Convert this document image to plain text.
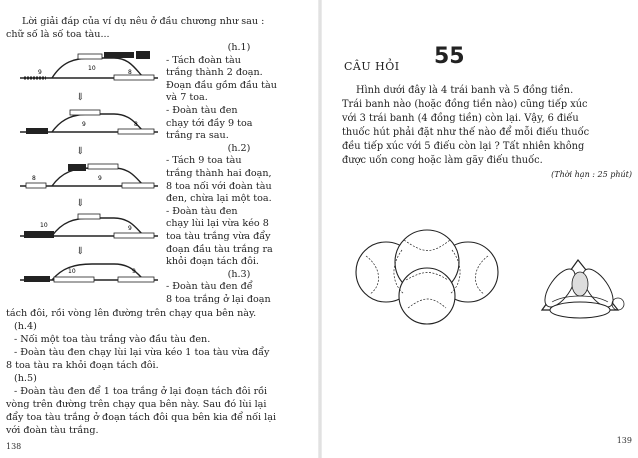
Lời giải đáp của ví dụ nêu ở đầu chương như sau :
chữ số là số toa tàu...
10
9	8
⇓
9	8
⇓
9
8
⇓
10	9
⇓
10	9
(h.1)
- Tách đoàn tàu
trắng thành 2 đoạn.
Đoạn đầu gồm đầu tàu
và 7 toa.
- Đoàn tàu đen
chạy tới đầy 9 toa
trắng ra sau.
(h.2)
- Tách 9 toa tàu
trắng thành hai đoạn,
8 toa nối với đoàn tàu
đen, chừa lại một toa.
- Đoàn tàu đen
chạy lùi lại vừa kéo 8
toa tàu trắng vừa đẩy
đoạn đầu tàu trắng ra
khỏi đoạn tách đôi.
(h.3)
- Đoàn tàu đen để
8 toa trắng ở lại đoạn
tách đôi, rồi vòng lên đường trên chạy qua bên này.
(h.4)
- Nối một toa tàu trắng vào đầu tàu đen.
- Đoàn tàu đen chạy lùi lại vừa kéo 1 toa tàu vừa đẩy
8 toa tàu ra khỏi đoạn tách đôi.
(h.5)
- Đoàn tàu đen để 1 toa trắng ở lại đoạn tách đôi rồi
vòng trên đường trên chạy qua bên này. Sau đó lùi lại
đẩy toa tàu trắng ở đoạn tách đôi qua bên kia để nối lại
với đoàn tàu trắng.
138
CÂU HỎI 55
Hình dưới đây là 4 trái banh và 5 đồng tiền.
Trái banh nào (hoặc đồng tiền nào) cũng tiếp xúc
với 3 trái banh (4 đồng tiền) còn lại. Vậy, 6 điếu
thuốc hút phải đặt như thế nào để mỗi điếu thuốc
đều tiếp xúc với 5 điếu còn lại ? Tất nhiên không
được uốn cong hoặc làm gãy điếu thuốc.
(Thời hạn : 25 phút)
139
